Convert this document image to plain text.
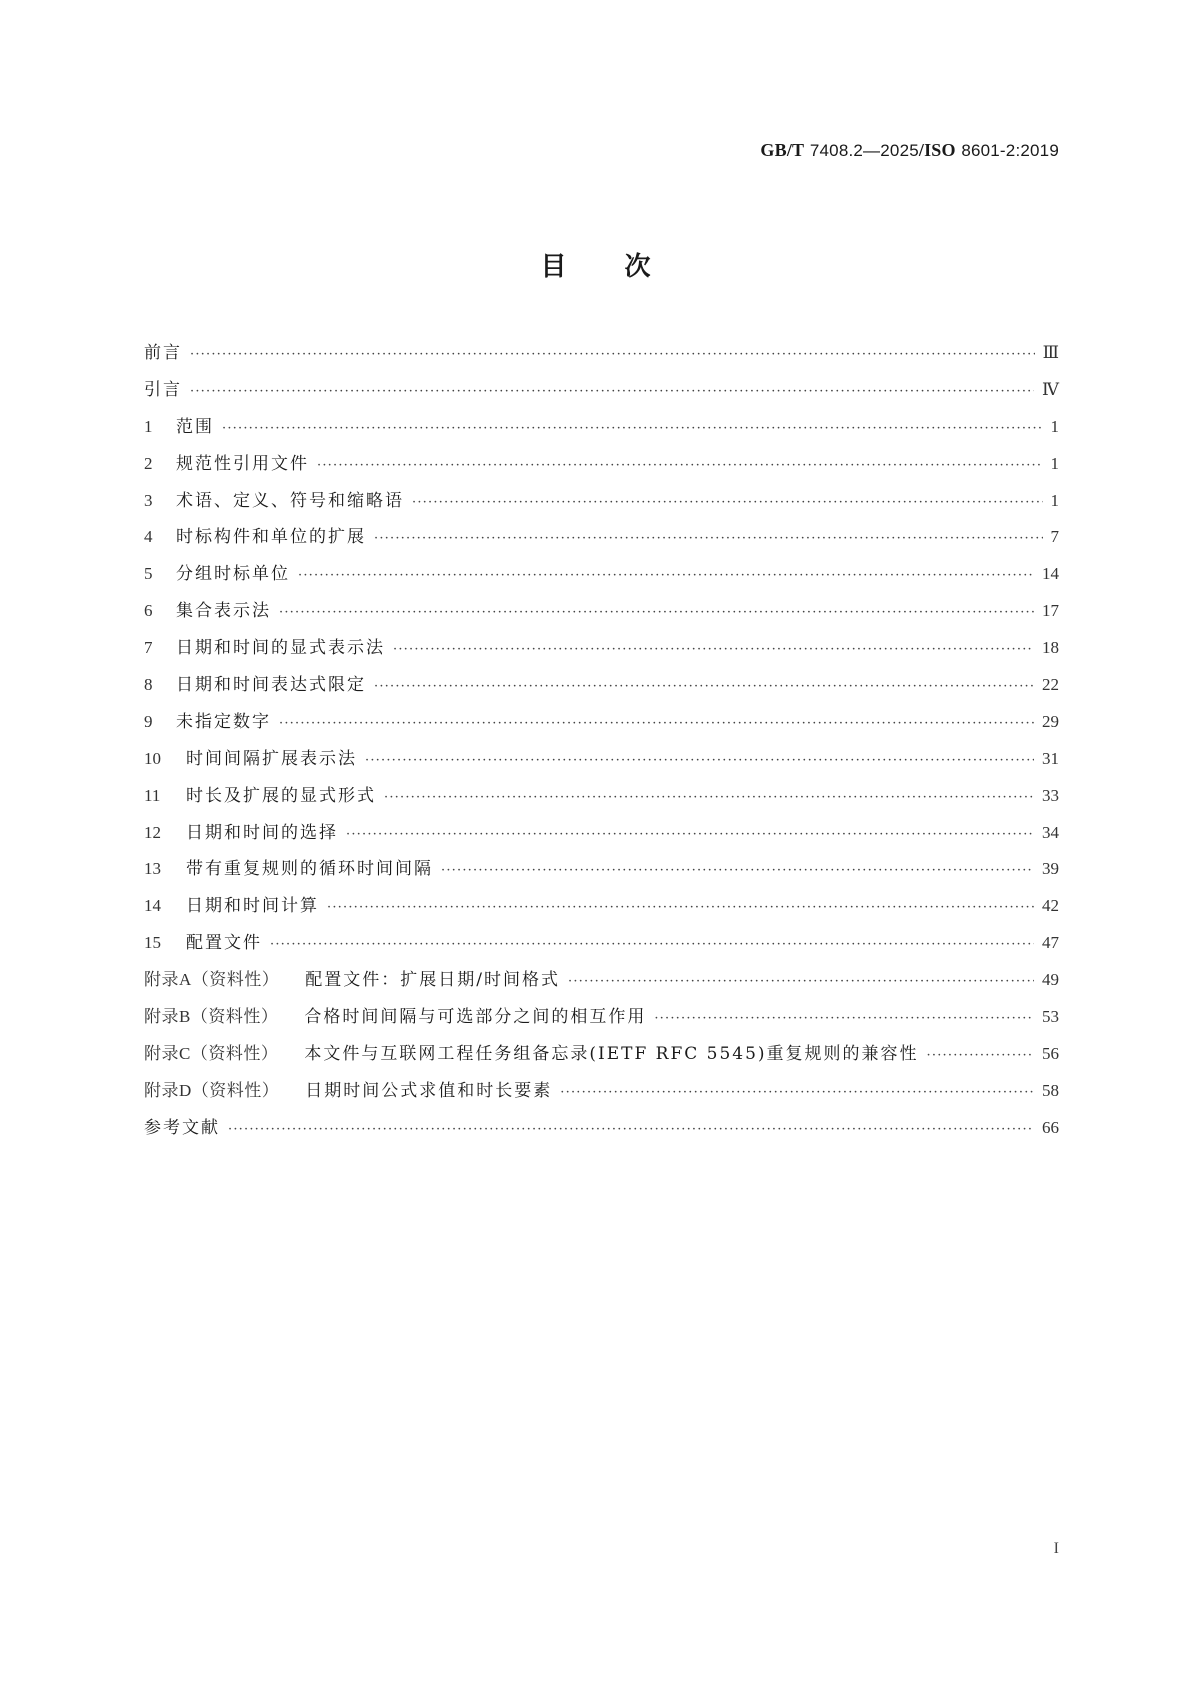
GB/T 7408.2—2025/ISO 8601-2:2019
目次
前言 ·····	Ⅲ
引言 ·····	Ⅳ
1	范围 ·····	1
2	规范性引用文件 ·····	1
3	术语、定义、符号和缩略语 ·····	1
4	时标构件和单位的扩展 ·····	7
5	分组时标单位 ·····	14
6	集合表示法 ·····	17
7	日期和时间的显式表示法 ·····	18
8	日期和时间表达式限定 ·····	22
9	未指定数字 ·····	29
10	时间间隔扩展表示法 ·····	31
11	时长及扩展的显式形式 ·····	33
12	日期和时间的选择 ·····	34
13	带有重复规则的循环时间间隔 ·····	39
14	日期和时间计算 ·····	42
15	配置文件 ·····	47
附录A（资料性） 配置文件：扩展日期/时间格式 ·····	49
附录B（资料性） 合格时间间隔与可选部分之间的相互作用 ·····	53
附录C（资料性） 本文件与互联网工程任务组备忘录(IETF RFC 5545)重复规则的兼容性 ·····	56
附录D（资料性） 日期时间公式求值和时长要素 ·····	58
参考文献 ·····	66
I
